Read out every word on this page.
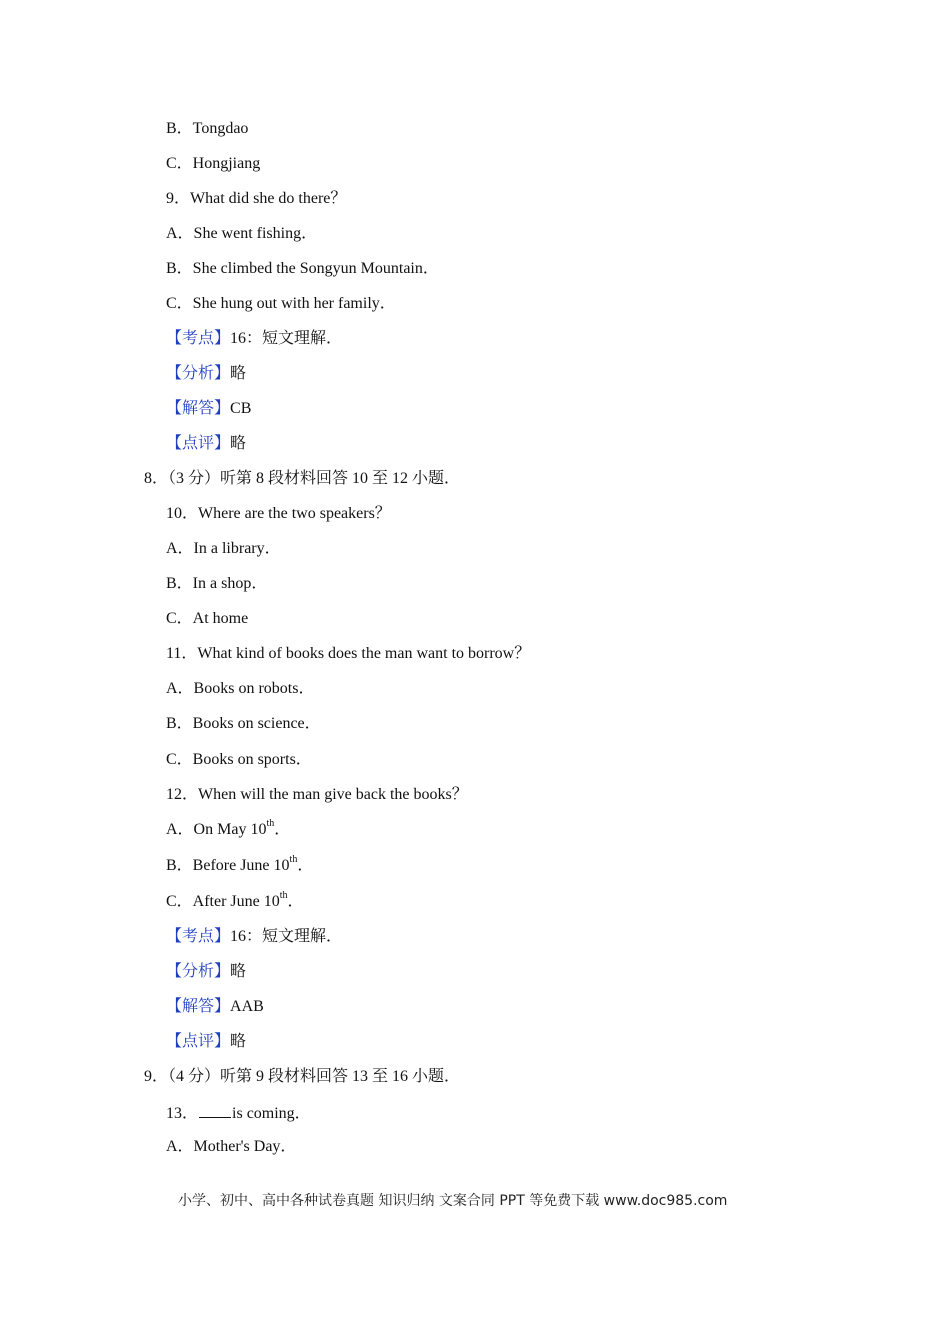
B．Tongdao
C．Hongjiang
9．What did she do there？
A．She went fishing．
B．She climbed the Songyun Mountain．
C．She hung out with her family．
【考点】16：短文理解．
【分析】略
【解答】CB
【点评】略
8．（3 分）听第 8 段材料回答 10 至 12 小题．
10．Where are the two speakers？
A．In a library．
B．In a shop．
C．At home
11．What kind of books does the man want to borrow？
A．Books on robots．
B．Books on science．
C．Books on sports．
12．When will the man give back the books？
A．On May 10th．
B．Before June 10th．
C．After June 10th．
【考点】16：短文理解．
【分析】略
【解答】AAB
【点评】略
9．（4 分）听第 9 段材料回答 13 至 16 小题．
13． is coming．
A．Mother's Day．
小学、初中、高中各种试卷真题 知识归纳 文案合同 PPT 等免费下载 www.doc985.com
